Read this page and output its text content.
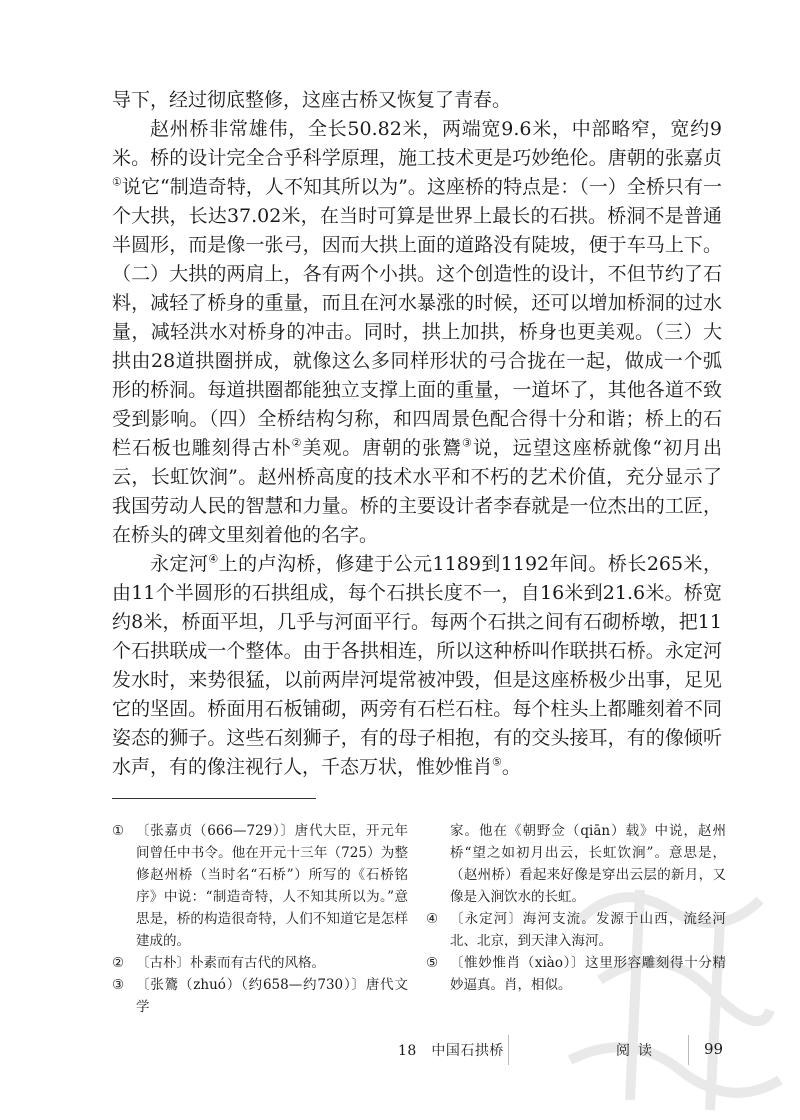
导下，经过彻底整修，这座古桥又恢复了青春。

赵州桥非常雄伟，全长50.82米，两端宽9.6米，中部略窄，宽约9米。桥的设计完全合乎科学原理，施工技术更是巧妙绝伦。唐朝的张嘉贞①说它“制造奇特，人不知其所以为”。这座桥的特点是：（一）全桥只有一个大拱，长达37.02米，在当时可算是世界上最长的石拱。桥洞不是普通半圆形，而是像一张弓，因而大拱上面的道路没有陡坡，便于车马上下。（二）大拱的两肩上，各有两个小拱。这个创造性的设计，不但节约了石料，减轻了桥身的重量，而且在河水暴涨的时候，还可以增加桥洞的过水量，减轻洪水对桥身的冲击。同时，拱上加拱，桥身也更美观。（三）大拱由28道拱圈拼成，就像这么多同样形状的弓合拢在一起，做成一个弧形的桥洞。每道拱圈都能独立支撑上面的重量，一道坏了，其他各道不致受到影响。（四）全桥结构匀称，和四周景色配合得十分和谐；桥上的石栏石板也雕刻得古朴②美观。唐朝的张鷟③说，远望这座桥就像“初月出云，长虹饮涧”。赵州桥高度的技术水平和不朽的艺术价值，充分显示了我国劳动人民的智慧和力量。桥的主要设计者李春就是一位杰出的工匠，在桥头的碑文里刻着他的名字。

永定河④上的卢沟桥，修建于公元1189到1192年间。桥长265米，由11个半圆形的石拱组成，每个石拱长度不一，自16米到21.6米。桥宽约8米，桥面平坦，几乎与河面平行。每两个石拱之间有石砌桥墩，把11个石拱联成一个整体。由于各拱相连，所以这种桥叫作联拱石桥。永定河发水时，来势很猛，以前两岸河堤常被冲毁，但是这座桥极少出事，足见它的坚固。桥面用石板铺砌，两旁有石栏石柱。每个柱头上都雕刻着不同姿态的狮子。这些石刻狮子，有的母子相抱，有的交头接耳，有的像倾听水声，有的像注视行人，千态万状，惟妙惟肖⑤。

① 〔张嘉贞（666—729）〕唐代大臣，开元年间曾任中书令。他在开元十三年（725）为整修赵州桥（当时名“石桥”）所写的《石桥铭序》中说：“制造奇特，人不知其所以为。”意思是，桥的构造很奇特，人们不知道它是怎样建成的。

② 〔古朴〕朴素而有古代的风格。

③ 〔张鷟（zhuó）（约658—约730）〕唐代文学

家。他在《朝野佥（qiān）载》中说，赵州桥“望之如初月出云，长虹饮涧”。意思是，（赵州桥）看起来好像是穿出云层的新月，又像是入涧饮水的长虹。

④ 〔永定河〕海河支流。发源于山西，流经河北、北京，到天津入海河。

⑤ 〔惟妙惟肖（xiào）〕这里形容雕刻得十分精妙逼真。肖，相似。

18　中国石拱桥	阅读	99
